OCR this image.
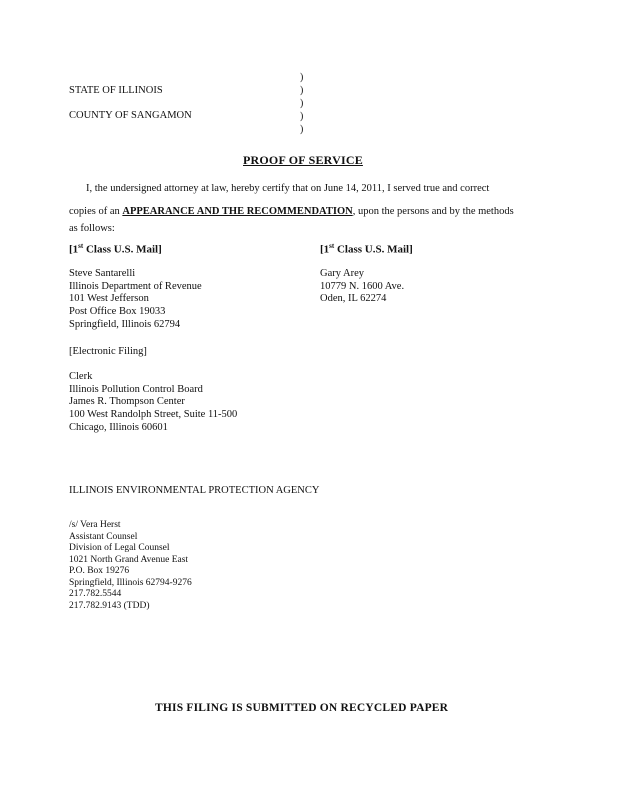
)
STATE OF ILLINOIS	)
)
COUNTY OF SANGAMON	)
)
PROOF OF SERVICE
I, the undersigned attorney at law, hereby certify that on June 14, 2011, I served true and correct
copies of an APPEARANCE AND THE RECOMMENDATION, upon the persons and by the methods
as follows:
[1st Class U.S. Mail]	[1st Class U.S. Mail]
Steve Santarelli
Illinois Department of Revenue
101 West Jefferson
Post Office Box 19033
Springfield, Illinois 62794
Gary Arey
10779 N. 1600 Ave.
Oden, IL 62274
[Electronic Filing]
Clerk
Illinois Pollution Control Board
James R. Thompson Center
100 West Randolph Street, Suite 11-500
Chicago, Illinois 60601
ILLINOIS ENVIRONMENTAL PROTECTION AGENCY
/s/ Vera Herst
Assistant Counsel
Division of Legal Counsel
1021 North Grand Avenue East
P.O. Box 19276
Springfield, Illinois 62794-9276
217.782.5544
217.782.9143 (TDD)
THIS FILING IS SUBMITTED ON RECYCLED PAPER
